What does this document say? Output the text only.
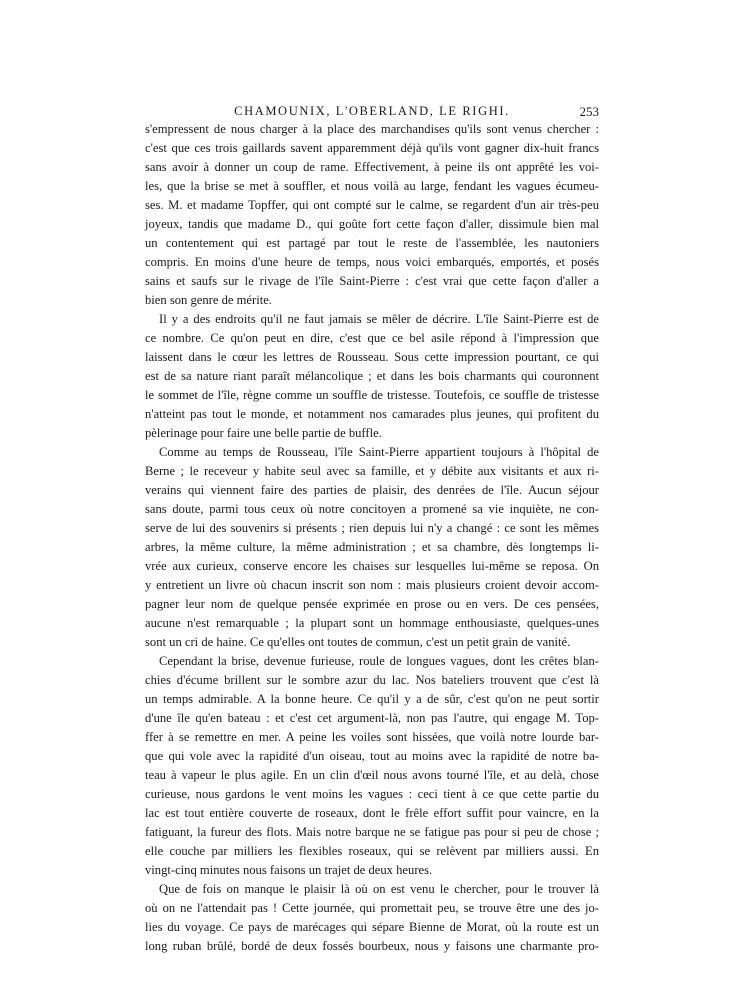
CHAMOUNIX, L'OBERLAND, LE RIGHI.	253
s'empressent de nous charger à la place des marchandises qu'ils sont venus chercher :
c'est que ces trois gaillards savent apparemment déjà qu'ils vont gagner dix-huit francs
sans avoir à donner un coup de rame. Effectivement, à peine ils ont apprêté les voi-
les, que la brise se met à souffler, et nous voilà au large, fendant les vagues écumeu-
ses. M. et madame Topffer, qui ont compté sur le calme, se regardent d'un air très-peu
joyeux, tandis que madame D., qui goûte fort cette façon d'aller, dissimule bien mal
un contentement qui est partagé par tout le reste de l'assemblée, les nautoniers
compris. En moins d'une heure de temps, nous voici embarqués, emportés, et posés
sains et saufs sur le rivage de l'île Saint-Pierre : c'est vrai que cette façon d'aller a
bien son genre de mérite.
Il y a des endroits qu'il ne faut jamais se mêler de décrire. L'île Saint-Pierre est de
ce nombre. Ce qu'on peut en dire, c'est que ce bel asile répond à l'impression que
laissent dans le cœur les lettres de Rousseau. Sous cette impression pourtant, ce qui
est de sa nature riant paraît mélancolique ; et dans les bois charmants qui couronnent
le sommet de l'île, règne comme un souffle de tristesse. Toutefois, ce souffle de tristesse
n'atteint pas tout le monde, et notamment nos camarades plus jeunes, qui profitent du
pèlerinage pour faire une belle partie de buffle.
Comme au temps de Rousseau, l'île Saint-Pierre appartient toujours à l'hôpital de
Berne ; le receveur y habite seul avec sa famille, et y débite aux visitants et aux ri-
verains qui viennent faire des parties de plaisir, des denrées de l'île. Aucun séjour
sans doute, parmi tous ceux où notre concitoyen a promené sa vie inquiète, ne con-
serve de lui des souvenirs si présents ; rien depuis lui n'y a changé : ce sont les mêmes
arbres, la même culture, la même administration ; et sa chambre, dès longtemps li-
vrée aux curieux, conserve encore les chaises sur lesquelles lui-même se reposa. On
y entretient un livre où chacun inscrit son nom : mais plusieurs croient devoir accom-
pagner leur nom de quelque pensée exprimée en prose ou en vers. De ces pensées,
aucune n'est remarquable ; la plupart sont un hommage enthousiaste, quelques-unes
sont un cri de haine. Ce qu'elles ont toutes de commun, c'est un petit grain de vanité.
Cependant la brise, devenue furieuse, roule de longues vagues, dont les crêtes blan-
chies d'écume brillent sur le sombre azur du lac. Nos bateliers trouvent que c'est là
un temps admirable. A la bonne heure. Ce qu'il y a de sûr, c'est qu'on ne peut sortir
d'une île qu'en bateau : et c'est cet argument-là, non pas l'autre, qui engage M. Top-
ffer à se remettre en mer. A peine les voiles sont hissées, que voilà notre lourde bar-
que qui vole avec la rapidité d'un oiseau, tout au moins avec la rapidité de notre ba-
teau à vapeur le plus agile. En un clin d'œil nous avons tourné l'île, et au delà, chose
curieuse, nous gardons le vent moins les vagues : ceci tient à ce que cette partie du
lac est tout entière couverte de roseaux, dont le frêle effort suffit pour vaincre, en la
fatiguant, la fureur des flots. Mais notre barque ne se fatigue pas pour si peu de chose ;
elle couche par milliers les flexibles roseaux, qui se relèvent par milliers aussi. En
vingt-cinq minutes nous faisons un trajet de deux heures.
Que de fois on manque le plaisir là où on est venu le chercher, pour le trouver là
où on ne l'attendait pas ! Cette journée, qui promettait peu, se trouve être une des jo-
lies du voyage. Ce pays de marécages qui sépare Bienne de Morat, où la route est un
long ruban brûlé, bordé de deux fossés bourbeux, nous y faisons une charmante pro-
